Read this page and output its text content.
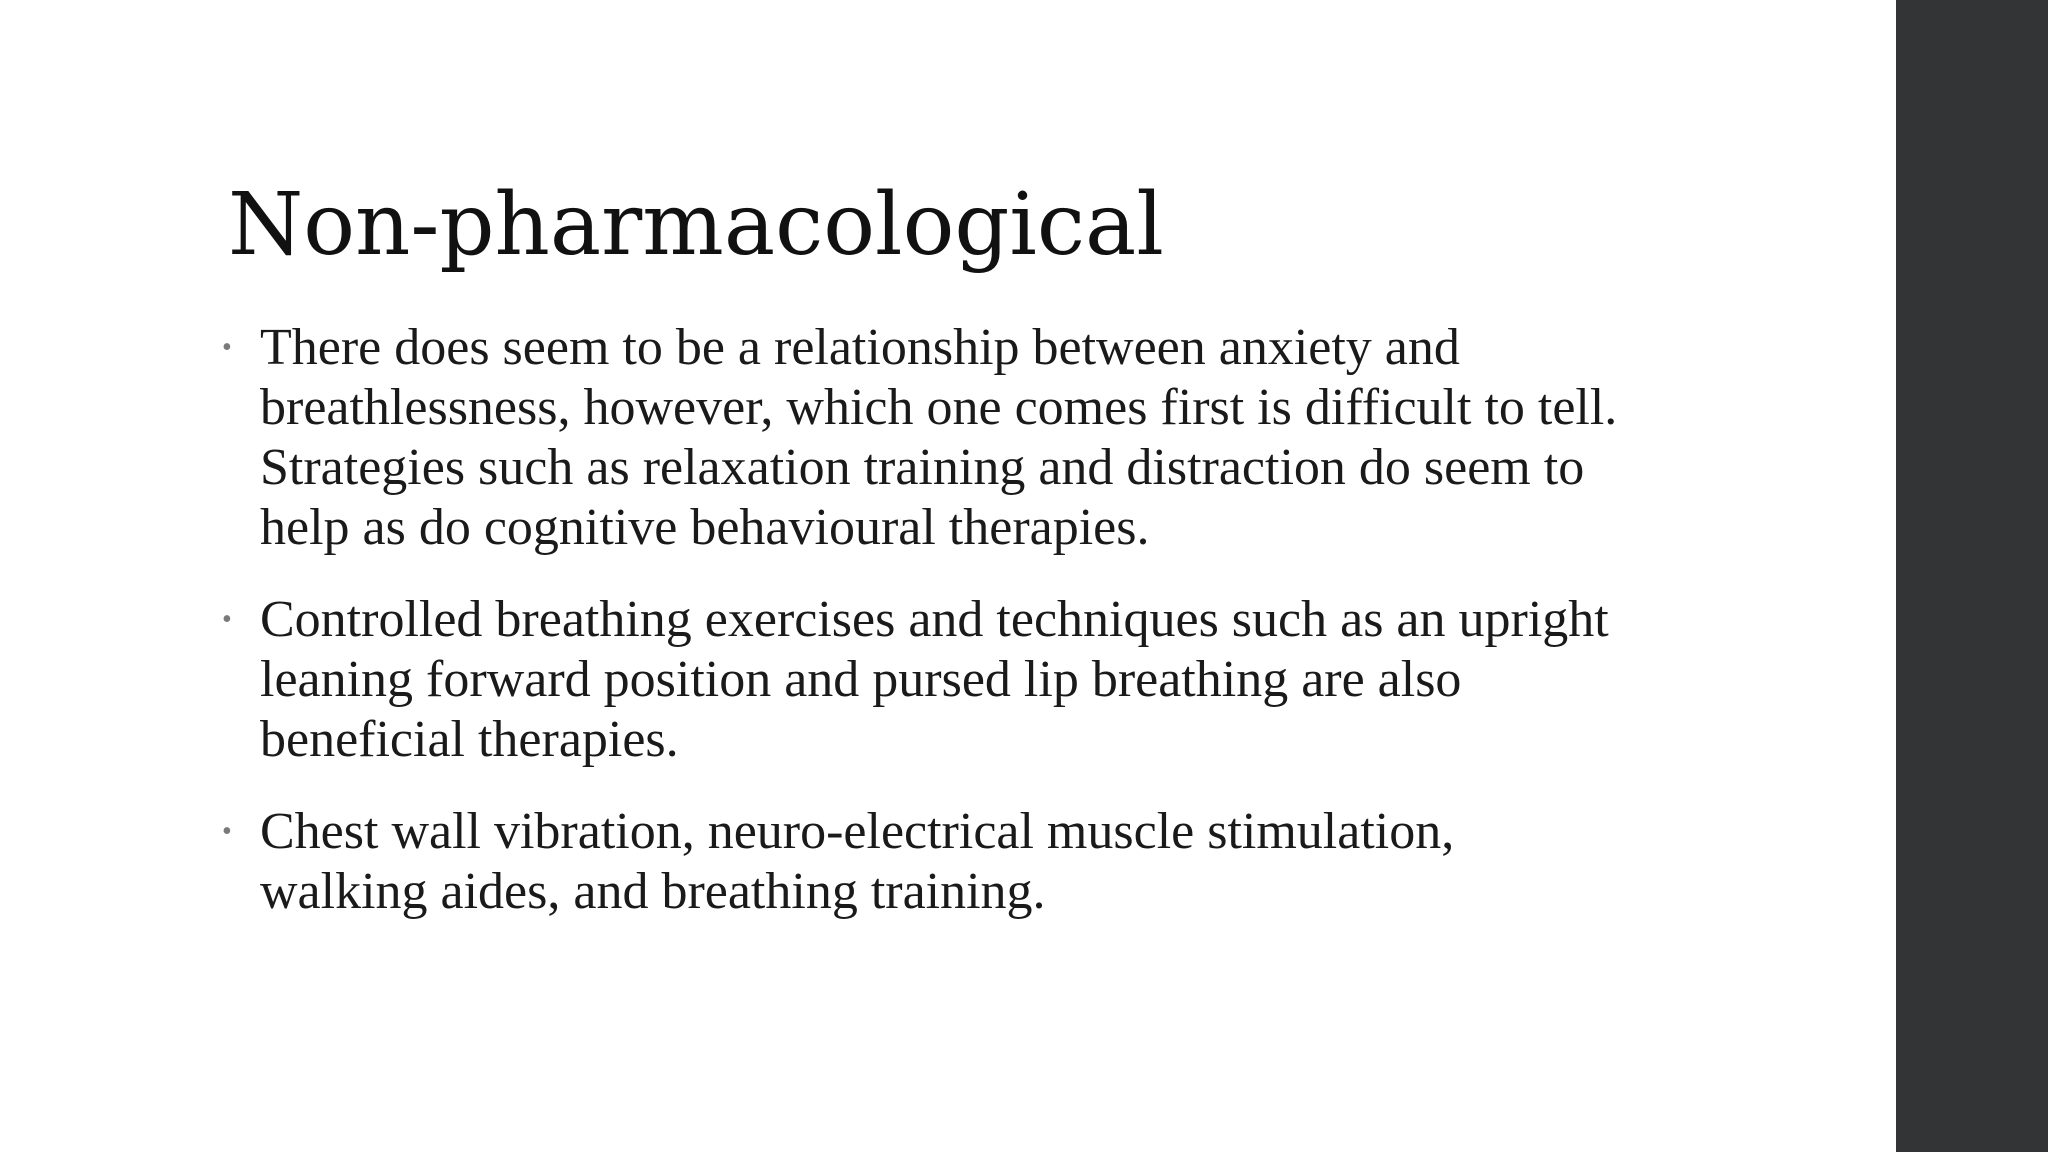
Non-pharmacological
• There does seem to be a relationship between anxiety and breathlessness, however, which one comes first is difficult to tell. Strategies such as relaxation training and distraction do seem to help as do cognitive behavioural therapies.
• Controlled breathing exercises and techniques such as an upright leaning forward position and pursed lip breathing are also beneficial therapies.
• Chest wall vibration, neuro-electrical muscle stimulation, walking aides, and breathing training.
